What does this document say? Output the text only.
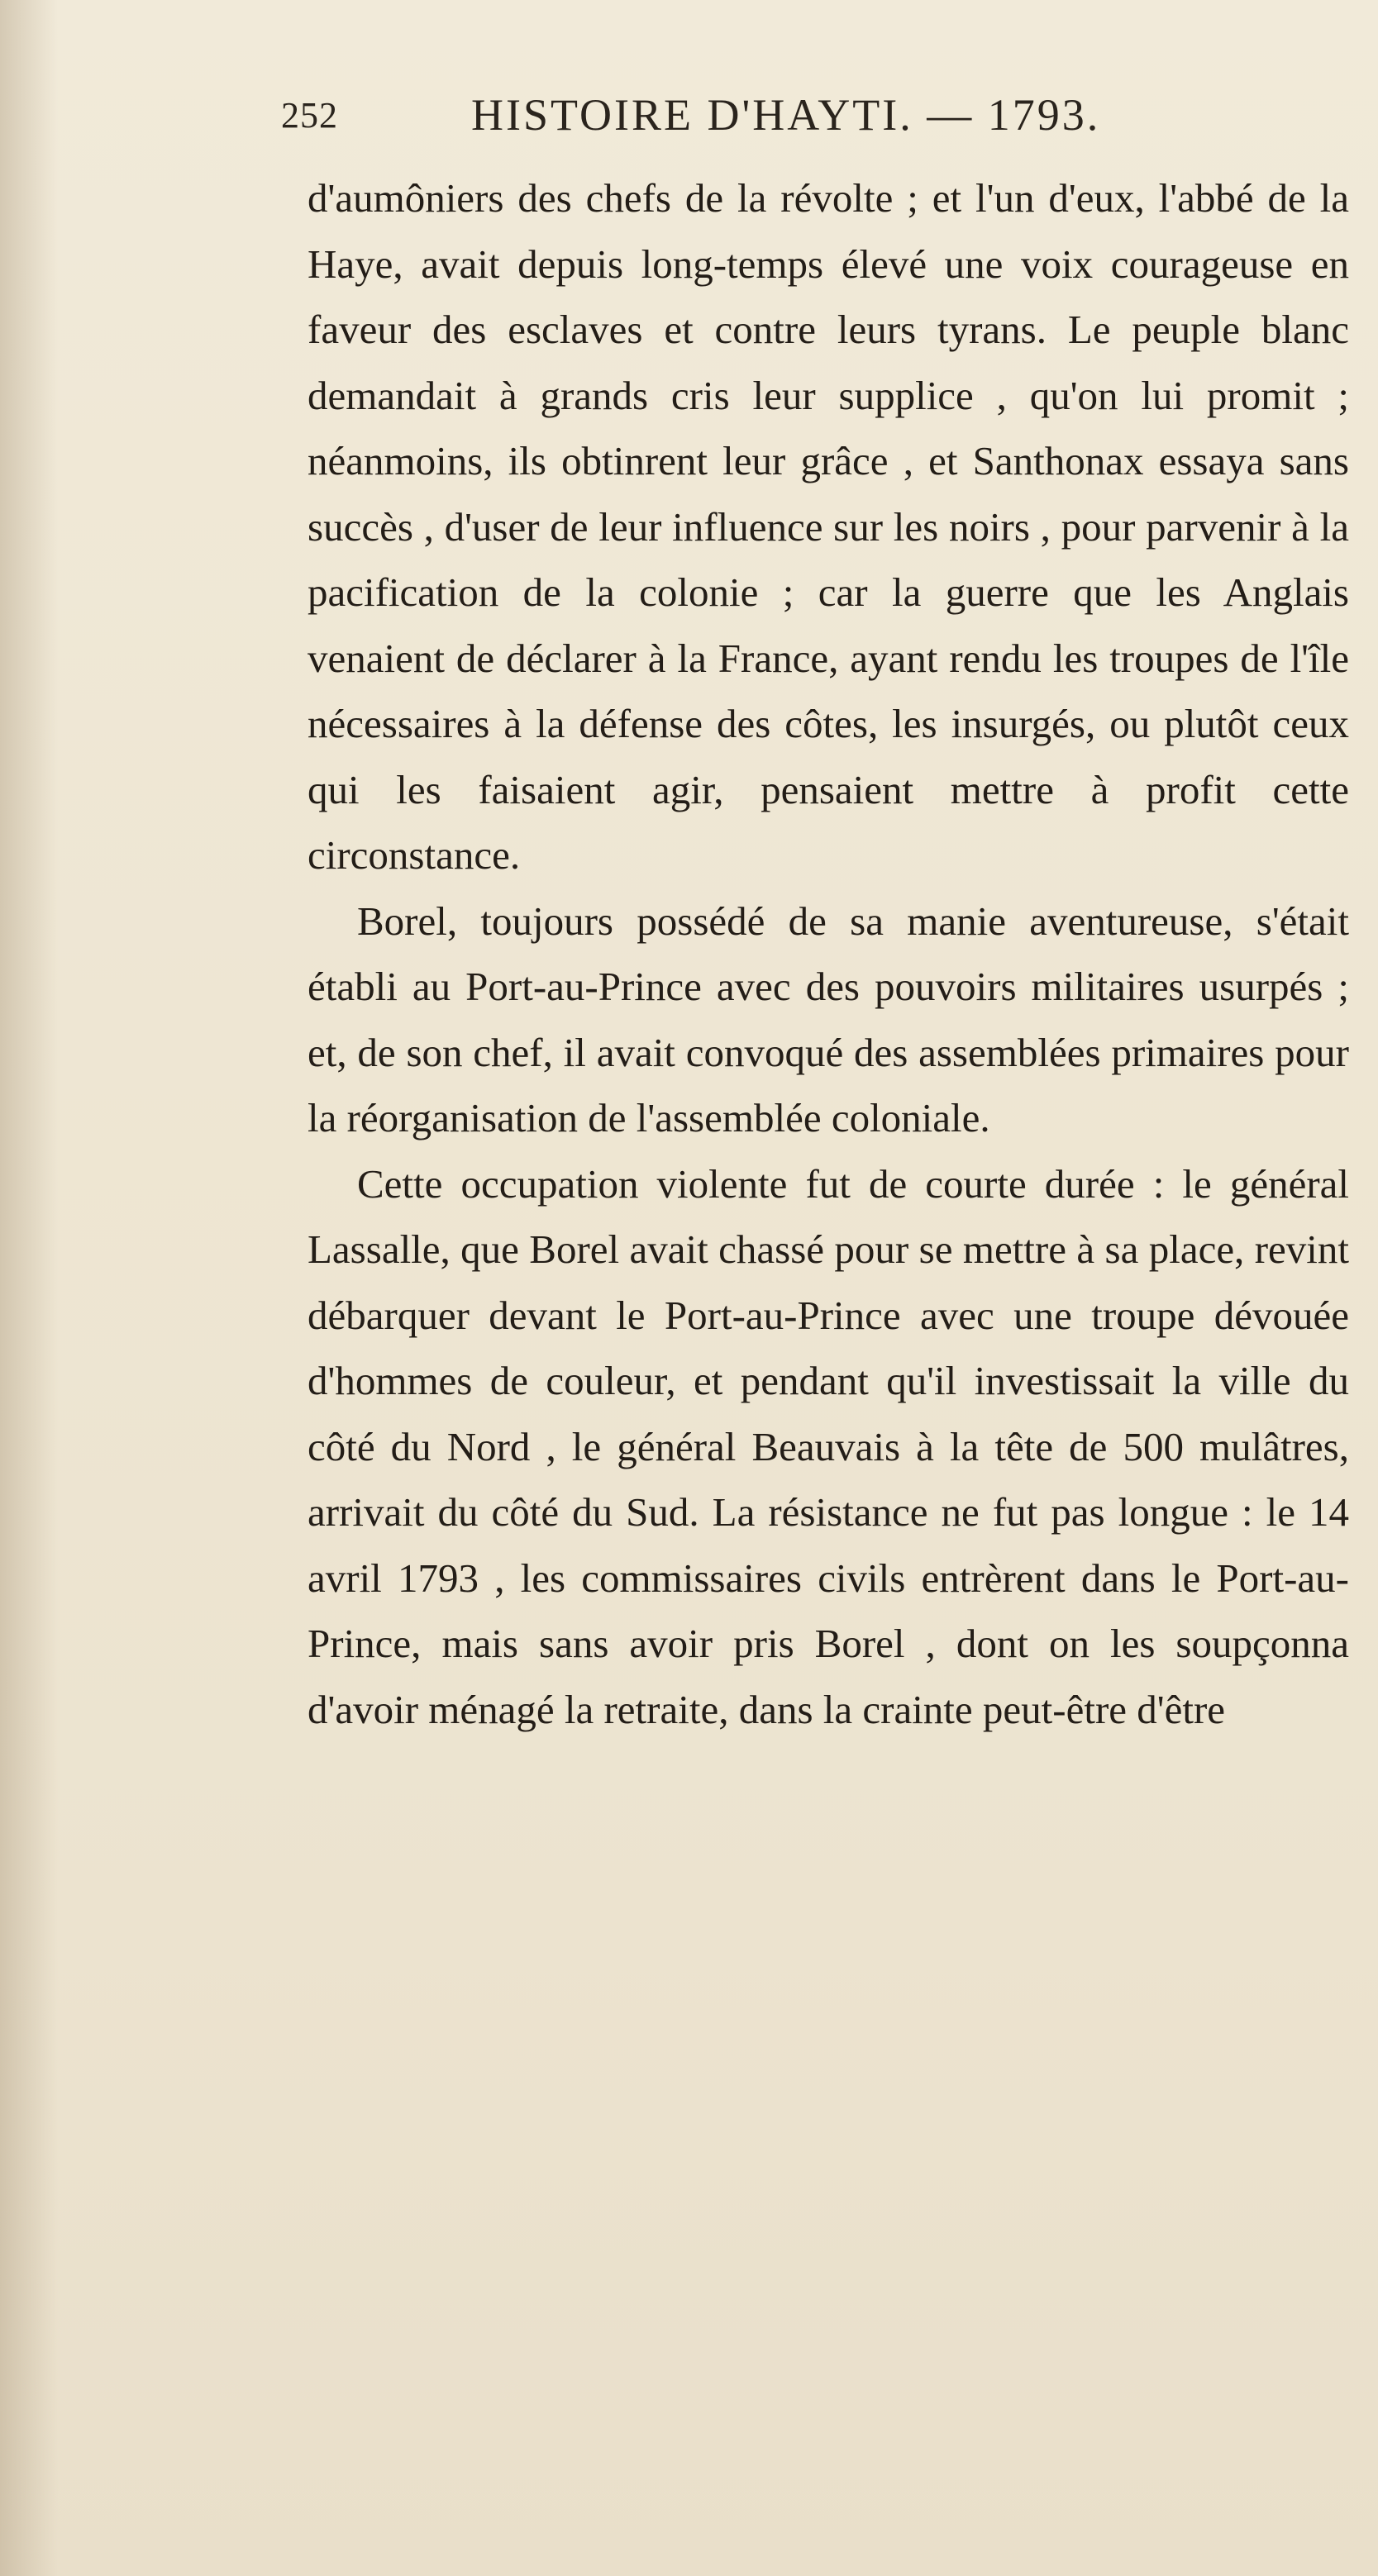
252	HISTOIRE D'HAYTI. — 1793.

d'aumôniers des chefs de la révolte ; et l'un d'eux, l'abbé de la Haye, avait depuis long-temps élevé une voix courageuse en faveur des esclaves et contre leurs tyrans. Le peuple blanc demandait à grands cris leur supplice , qu'on lui promit ; néanmoins, ils obtinrent leur grâce , et Santhonax essaya sans succès , d'user de leur influence sur les noirs , pour parvenir à la pacification de la colonie ; car la guerre que les Anglais venaient de déclarer à la France, ayant rendu les troupes de l'île nécessaires à la défense des côtes, les insurgés, ou plutôt ceux qui les faisaient agir, pensaient mettre à profit cette circonstance.

Borel, toujours possédé de sa manie aventureuse, s'était établi au Port-au-Prince avec des pouvoirs militaires usurpés ; et, de son chef, il avait convoqué des assemblées primaires pour la réorganisation de l'assemblée coloniale.

Cette occupation violente fut de courte durée : le général Lassalle, que Borel avait chassé pour se mettre à sa place, revint débarquer devant le Port-au-Prince avec une troupe dévouée d'hommes de couleur, et pendant qu'il investissait la ville du côté du Nord , le général Beauvais à la tête de 500 mulâtres, arrivait du côté du Sud. La résistance ne fut pas longue : le 14 avril 1793 , les commissaires civils entrèrent dans le Port-au-Prince, mais sans avoir pris Borel , dont on les soupçonna d'avoir ménagé la retraite, dans la crainte peut-être d'être
